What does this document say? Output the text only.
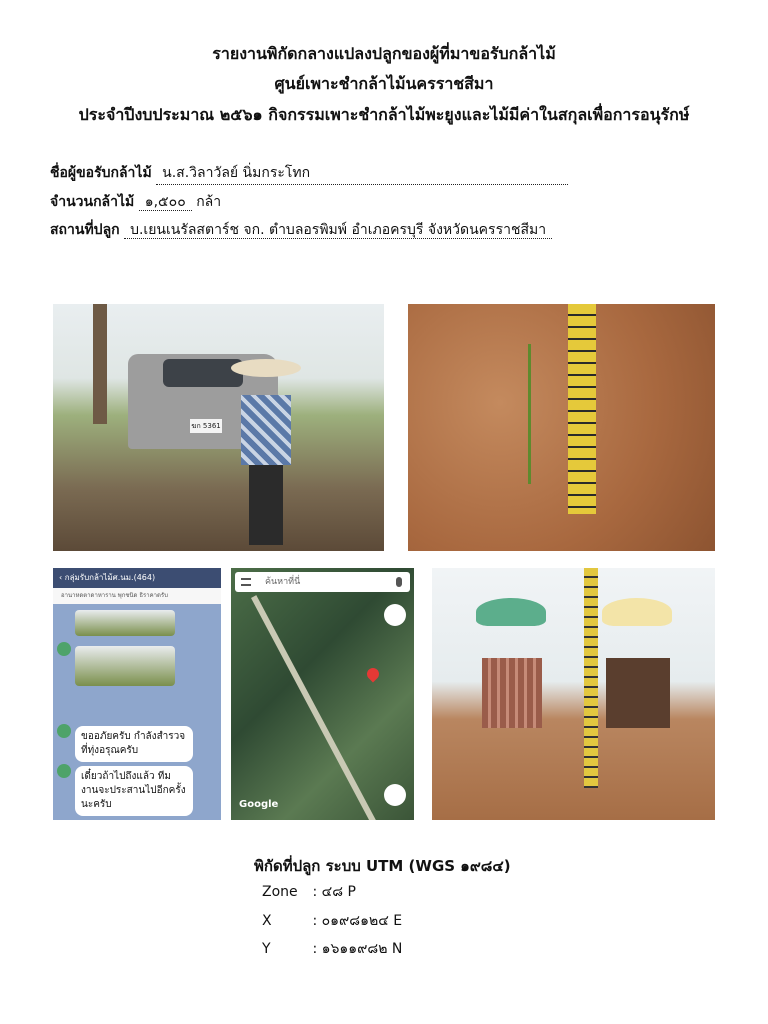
รายงานพิกัดกลางแปลงปลูกของผู้ที่มาขอรับกล้าไม้
ศูนย์เพาะชำกล้าไม้นครราชสีมา
ประจำปีงบประมาณ ๒๕๖๑ กิจกรรมเพาะชำกล้าไม้พะยูงและไม้มีค่าในสกุลเพื่อการอนุรักษ์
ชื่อผู้ขอรับกล้าไม้ น.ส.วิลาวัลย์ นิ่มกระโทก
จำนวนกล้าไม้ ๑,๕๐๐ กล้า
สถานที่ปลูก บ.เยนเนรัลสตาร์ช จก. ตำบลอรพิมพ์ อำเภอครบุรี จังหวัดนครราชสีมา
ฆก 5361
‹ กลุ่มรับกล้าไม้ศ.นม.(464)
อานาหดตาดาหาราน พุกชนิด ธิราคาดรับ
ขออภัยครับ กำลังสำรวจที่ทุ่งอรุณครับ
เดี๋ยวถ้าไปถึงแล้ว ทีมงานจะประสานไปอีกครั้งนะครับ
ค้นหาที่นี่
Google
พิกัดที่ปลูก ระบบ UTM (WGS ๑๙๘๔)
Zone : ๔๘ P
X	: ๐๑๙๘๑๒๔ E
Y	: ๑๖๑๑๙๘๒ N
